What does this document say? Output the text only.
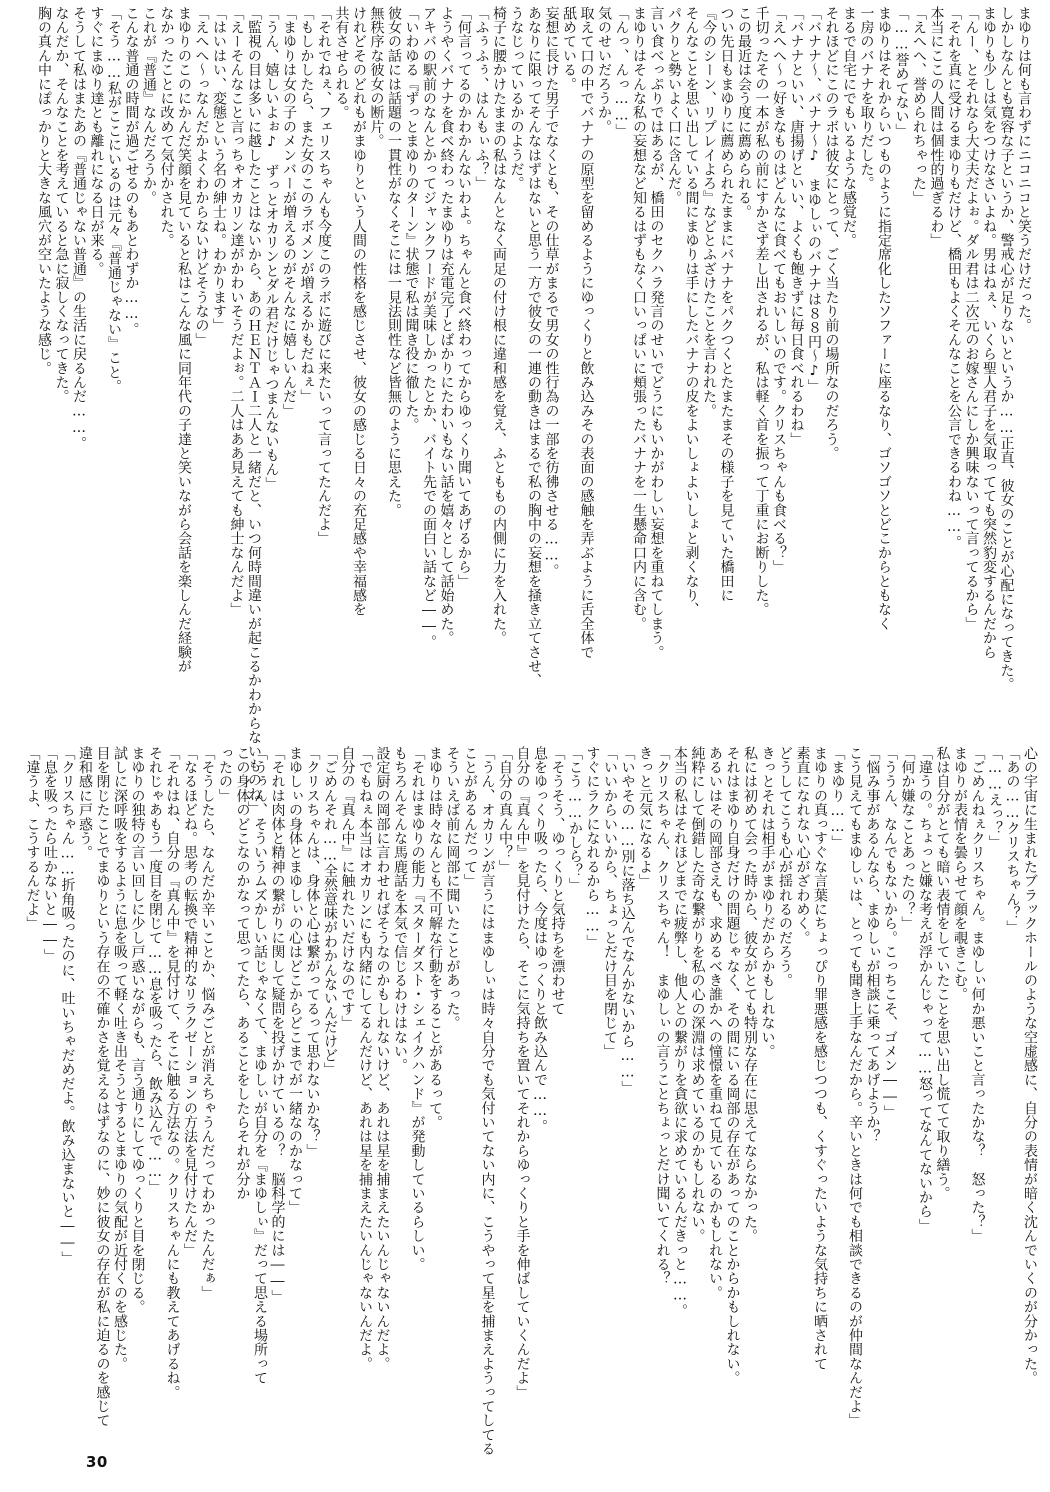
まゆりは何も言わずにニコニコと笑うだけだった。
しかしなんとも寛容な子というか、警戒心が足りないというか……正直、彼女のことが心配になってきた。
まゆりも少しは気をつけなさいよね。男はねぇ、いくら聖人君子を気取ってても突然豹変するんだから
「んー、とそれなら大丈夫だよぉ。ダル君は二次元のお嫁さんにしか興味ないって言ってるから」
「それを真に受けるまゆりもだけど、橋田もよくそんなことを公言できるわね……。
本当にここの人間は個性的過ぎるわ」
「えへへ、誉められちゃった」
「……誉めてない」
まゆりはそれからいつものように指定席化したソファーに座るなり、ゴソゴソとどこからともなく
一房のバナナを取りだした。
まるで自宅にでもいるような感覚だ。
それほどにこのラボは彼女にとって、ごく当たり前の場所なのだろう。
「バナナ〜、バナナ〜♪　まゆしぃのバナナは８８円〜♪」
「バナナといい、唐揚げといい、よくも飽きずに毎日食べれるわね」
「えへへ〜っ好きなものはどんなに食べてもおいしいのです。クリスちゃんも食べる？」
千切ったその一本が私の前にすかさず差し出されるが、私は軽く首を振って丁重にお断りした。
この最近は会う度に薦められる。
つい先日もまゆりに薦められたままにバナナをパクつくとたまたまその様子を見ていた橋田に
『今のシーン、リプレイよろ』などとふざけたことを言われた。
そんなことを思い出している間にまゆりは手にしたバナナの皮をよいしょよいしょと剥くなり、
パクりと勢いよく口に含んだ。
言い食べっぷりではあるが、橋田のセクハラ発言のせいでどうにもいかがわしい妄想を重ねてしまう。
まゆりはそんな私の妄想など知るはずもなく口いっぱいに頬張ったバナナを一生懸命口内に含む。
「んっ、んっ……」
気のせいだろうか。
取えて口の中でバナナの原型を留めるようにゆっくりと飲み込みその表面の感触を弄ぶように舌全体で
舐めている。
妄想に長けた男子でなくとも、その仕草がまるで男女の性行為の一部を彷彿させる……。
あなりに限ってそんなはずはないと思う一方で彼女の一連の動きはまるで私の胸中の妄想を掻き立てさせ、
うなじっているかのようだ。
椅子に腰かけたままの私はなんとなく両足の付け根に違和感を覚え、ふとももの内側に力を入れた。
「ふぅふぅ、はんもぃふ？」
「何言ってるのかわかんないわよ。ちゃんと食べ終わってからゆっくり聞いてあげるから」
ようやくバナナを食べ終わったまゆりは充電完了とばかりにたわいもない話を嬉々として話始めた。
アキバの駅前のなんとかってジャンクフードが美味しかったとか、バイト先での面白い話など――。
「いわゆる『ずっとまゆりのターン』状態で私は聞き役に徹した。
彼女の話には話題の一貫性がなくそこには一見法則性など皆無のように思えた。
無秩序な彼女の断片。
けれどそのどれもがまゆりという人間の性格を感じさせ、彼女の感じる日々の充足感や幸福感を
共有させられる。
「それでねぇ、フェリスちゃんも今度このラボに遊びに来たいって言ってたんだよ」
「もしかしたら、また女のこのラボメンが増えるかもだねぇ」
「まゆりは女の子のメンバーが増えるのがそんなに嬉しいんだ」
「うん、嬉しいよぉ♪　ずっとオカリンとダル君だけじゃつまんないもん」
「監視の目は多いに越したことはないから、あのＨＥＮＴＡＩ二人と一緒だと、いつ何時間違いが起こるかわからないものね」
「えーそんなこと言っちゃオカリン達がかわいそうだよぉ。二人はああ見えても紳士なんだよ」
「はいはい、変態という名の紳士ね。わかります」
「えへへ〜っなんだかよくわからないけどそうなの」
まゆりのこのにかんだ笑顔を見ていると私はこんな風に同年代の子達と笑いながら会話を楽しんだ経験が
なかったことに改めて気付かされた。
これが『普通』なんだろうか。
こんな普通の時間が過ごせるのもあとわずか……。
「そう……私がここにいるのは元々『普通じゃない』こと。
すぐにまゆり達とも離れになる日が来る。
そうして私はまたあの『普通じゃない普通』の生活に戻るんだ……。
なんだか、そんなことを考えていると急に寂しくなってきた。
胸の真ん中にぽっかりと大きな風穴が空いたような感じ。
心の宇宙に生まれたブラックホールのような空虚感に、自分の表情が暗く沈んでいくのが分かった。
「あの……クリスちゃん？」
「……えっ？」
「ごめんねぇクリスちゃん。まゆしぃ何か悪いこと言ったかな？　怒った？」
まゆりが表情を曇らせて顔を覗きこむ。
私は自分がとても暗い表情をしていたことを思い出し慌てて取り繕う。
「違うの。ちょっと嫌な考えが浮かんじゃって……怒ってなんてないから」
「何か嫌なことあったの？」
「ううん、なんでもないから。こっちこそ、ゴメン――」
「悩み事があるんなら、まゆしぃが相談に乗ってあげようか？
こう見えてもまゆしぃは、とっても聞き上手なんだから。辛いときは何でも相談できるのが仲間なんだよ」
「まゆり……」
まゆりの真っすぐな言葉にちょっぴり罪悪感を感じつつも、くすぐったいような気持ちに晒されて
素直になれない心がざわめく。
どうしてこうも心が揺れるのだろう。
きっとそれは相手がまゆりだからかもしれない。
私には初めて会った時から、彼女がとても特別な存在に思えてならなかった。
それはまゆり自身だけの問題じゃなく、その間にいる岡部の存在があってのことからかもしれない。
あるいはその岡部さえも、求めるべき誰かへの憧憬を重ねて見ているのかもしれない。
純粋にして倒錯した奇な繋がりを私の心の深淵は求めているのかもしれない。
本当の私はそれほどまでに疲弊し、他人との繋がりを貪欲に求めているんだきっと……。
「クリスちゃん、クリスちゃん！　まゆしぃの言うことちょっとだけ聞いてくれる？
きっと元気になるよ」
「いやその……別に落ち込んでなんかないから……」
「いいからいいから、ちょっとだけ目を閉じて」
すぐにラクになれるから……」
「こう……かしら？」
「そうそう、ゆっくりと気持ちを漂わせて
息をゆっくり吸ったら、今度はゆっくりと飲み込んで……。
自分の『真ん中』を見付けたら、そこに気持ちを置いてそれからゆっくりと手を伸ばしていくんだよ」
「自分の真ん中？」
「うん、オカリンが言うにはまゆしぃは時々自分でも気付いてない内に、こうやって星を捕まえようってしてる
ことがあるんだって」
そういえば前に岡部に聞いたことがあった。
まゆりは時々なんとも不可解な行動をすることがあるって。
「それはまゆりの能力『スターダスト・シェイクハンド』が発動しているらしい。
もちろんそんな馬鹿話を本気で信じるわけはない。
設定厨の岡部に言わせればそうなのかもしれないけど、あれは星を捕まえたいんじゃないんだよ。
「でもねぇ本当はオカリンにも内緒にしてるんだけど、あれは星を捕まえたいんじゃないんだよ。
自分の『真ん中』に触れたいだけなのです」
「ごめんそれ……全然意味がわかんないんだけど」
「クリスちゃんは、身体と心は繋がってるって思わないかな？」
まゆしぃの身体とまゆしぃの心はどこからどこまでが一緒なのかなって」
「それは肉体と精神の繋がりに関して疑問を投げかけているの？　脳科学的には――」
「うぅん、そういうムズかしい話じゃなくて、まゆしぃが自分を『まゆしぃ』だって思える場所って
この身体のどこなのかなって思ってたら、あることをしたらそれが分か
ったの」
「そうしたら、なんだか辛いことか、悩みごとが消えちゃうんだってわかったんだぁ」
「なるほどね。思考の転換で精神的なリラクゼーションの方法を見付けたんだ」
「それはね、自分の『真ん中』を見付けて、そこに触る方法なの。クリスちゃんにも教えてあげるね。
それじゃあもう一度目を閉じて……息を吸ったら、飲み込んで……」
まゆりの独特の言い回しに少し戸惑いながらも、言う通りにしてゆっくりと目を閉じる。
試しに深呼吸をするように息を吸って軽く吐き出そうとするとまゆりの気配が近付くのを感じた。
目を閉じたことでまゆりという存在の不確かさを覚えるはずなのに、妙に彼女の存在が私に迫るのを感じて
違和感に戸惑う。
「クリスちゃん……折角吸ったのに、吐いちゃだめだよ。飲み込まないと――」
「息を吸ったら吐かないと――」
「違うよ、こうするんだよ」
30
